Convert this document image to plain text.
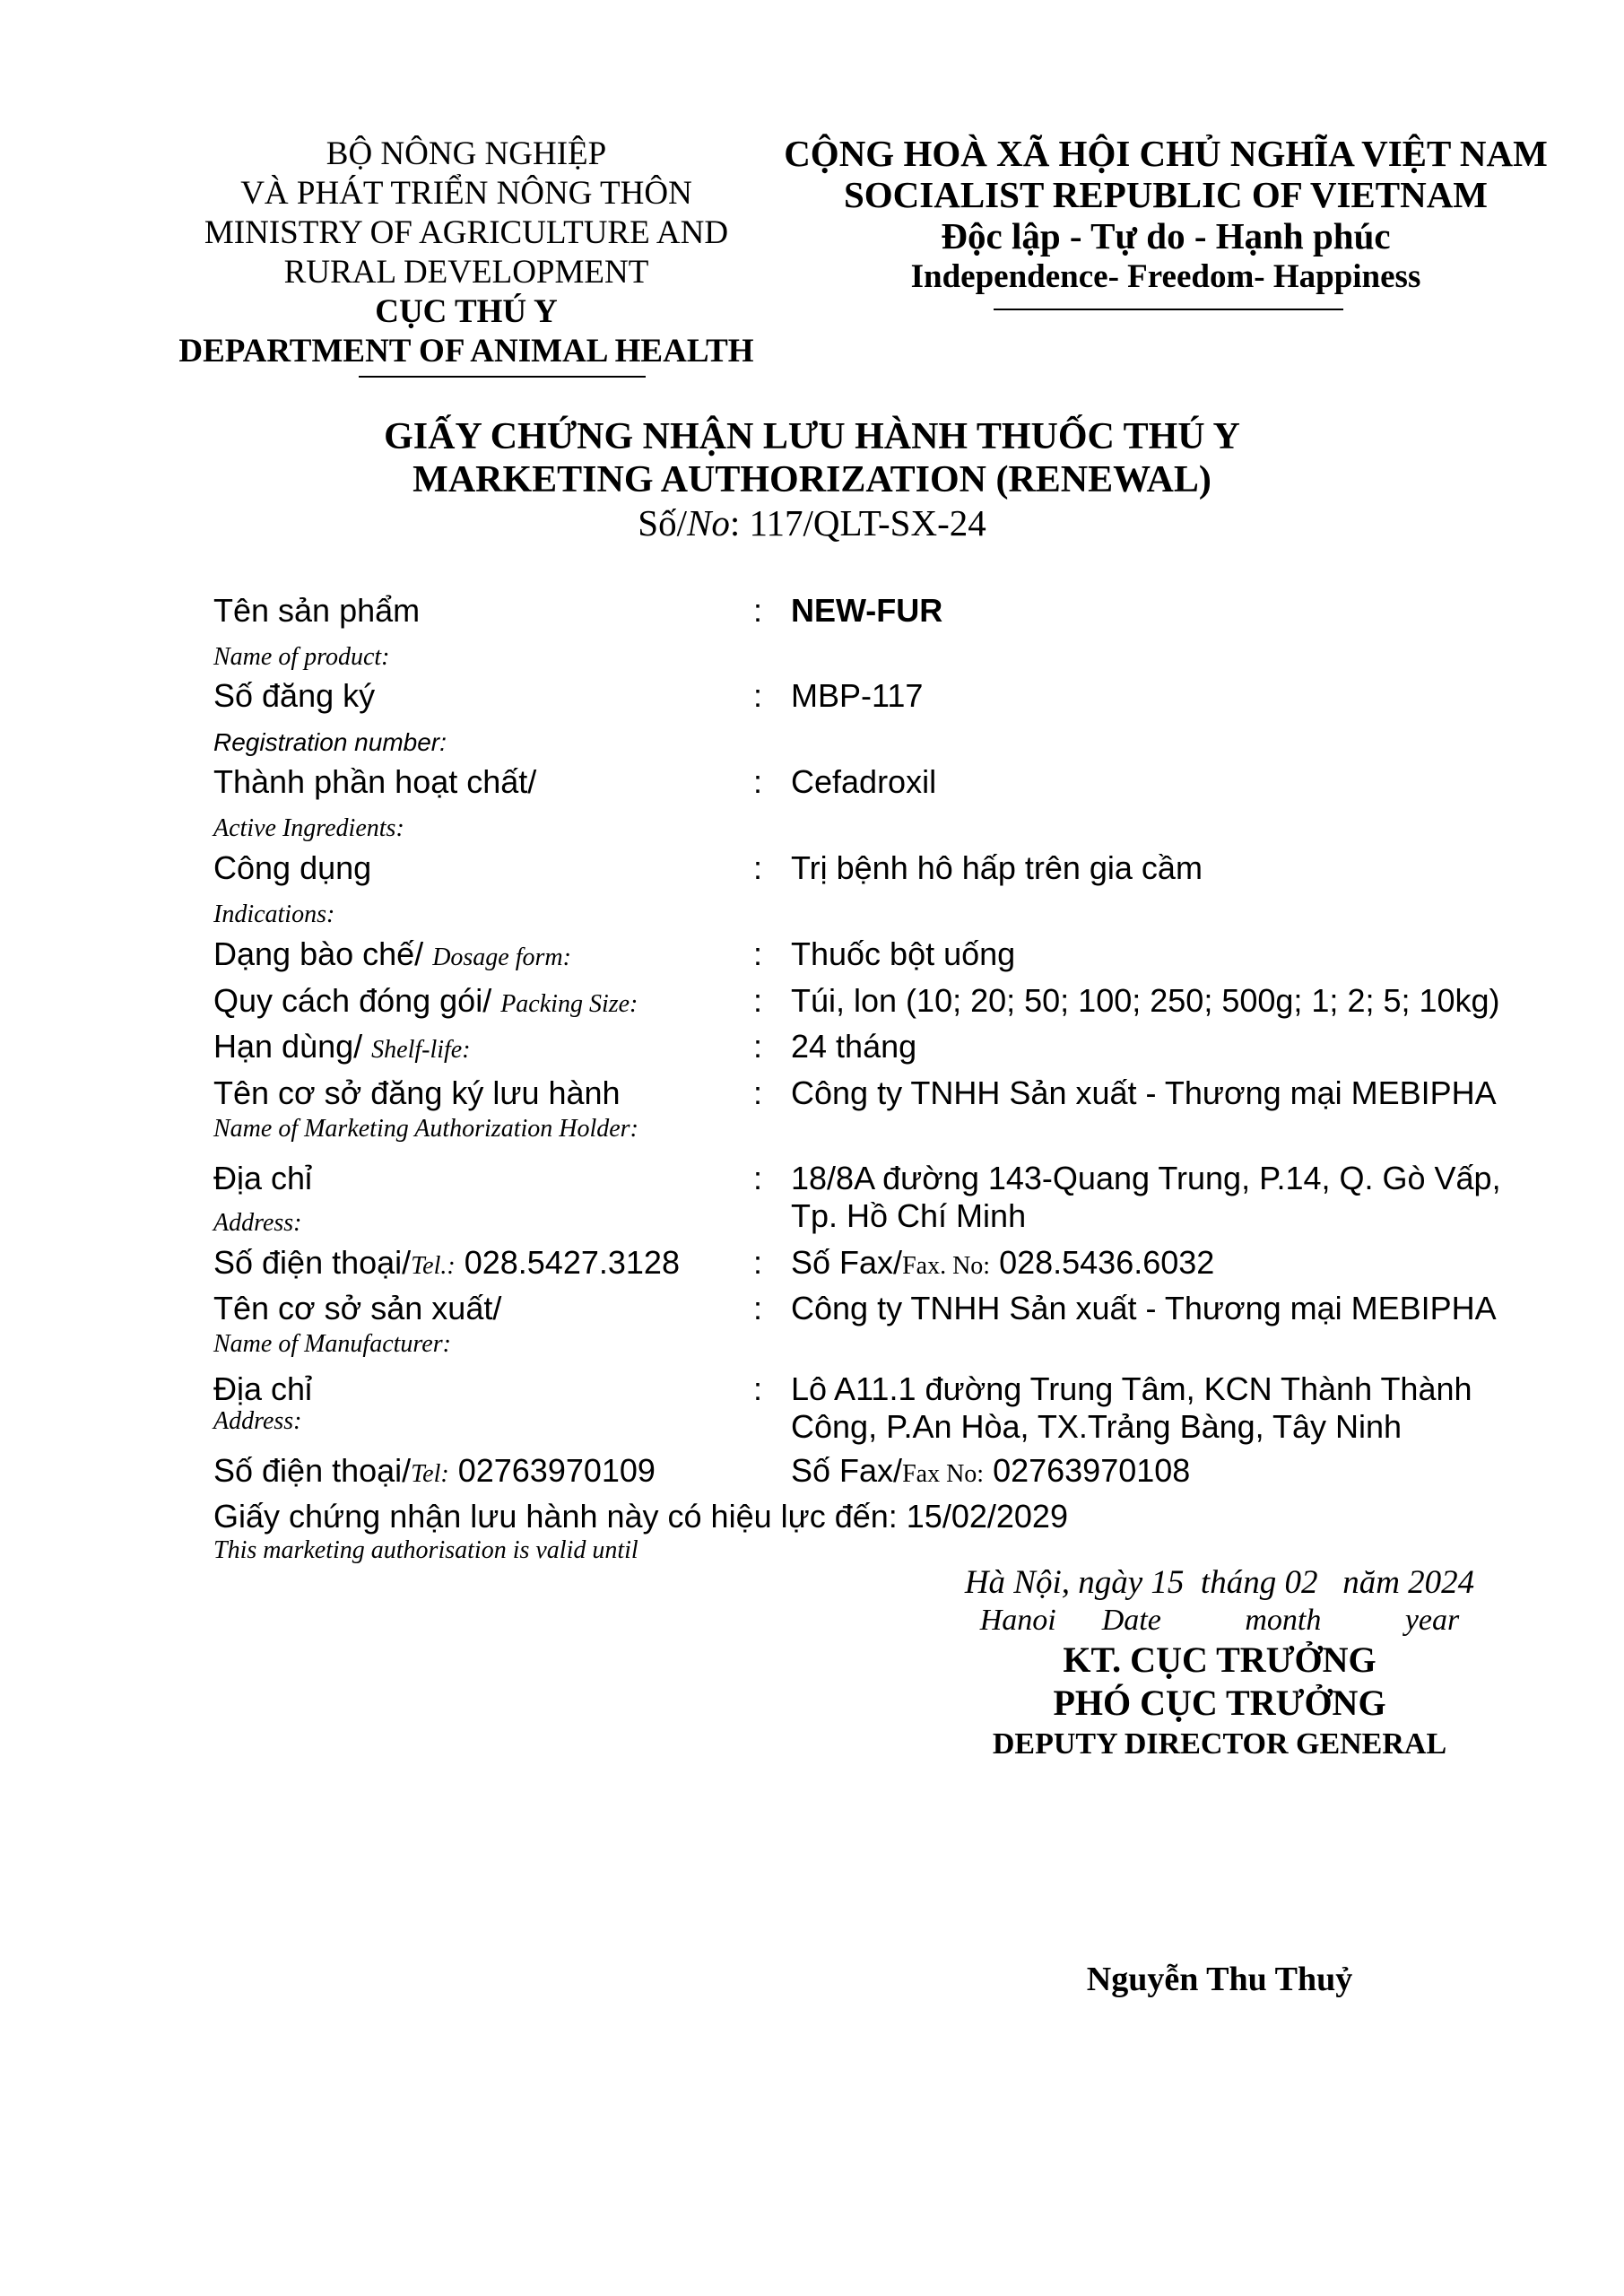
BỘ NÔNG NGHIỆP
VÀ PHÁT TRIỂN NÔNG THÔN
MINISTRY OF AGRICULTURE AND
RURAL DEVELOPMENT
CỤC THÚ Y
DEPARTMENT OF ANIMAL HEALTH
CỘNG HOÀ XÃ HỘI CHỦ NGHĨA VIỆT NAM
SOCIALIST REPUBLIC OF VIETNAM
Độc lập - Tự do - Hạnh phúc
Independence- Freedom- Happiness
GIẤY CHỨNG NHẬN LƯU HÀNH THUỐC THÚ Y
MARKETING AUTHORIZATION (RENEWAL)
Số/No: 117/QLT-SX-24
Tên sản phẩm	: NEW-FUR
Name of product:
Số đăng ký	: MBP-117
Registration number:
Thành phần hoạt chất/	: Cefadroxil
Active Ingredients:
Công dụng	: Trị bệnh hô hấp trên gia cầm
Indications:
Dạng bào chế/ Dosage form:	: Thuốc bột uống
Quy cách đóng gói/ Packing Size:	: Túi, lon (10; 20; 50; 100; 250; 500g; 1; 2; 5; 10kg)
Hạn dùng/ Shelf-life:	: 24 tháng
Tên cơ sở đăng ký lưu hành	: Công ty TNHH Sản xuất - Thương mại MEBIPHA
Name of Marketing Authorization Holder:
Địa chỉ	: 18/8A đường 143-Quang Trung, P.14, Q. Gò Vấp,
Tp. Hồ Chí Minh
Address:
Số điện thoại/Tel.: 028.5427.3128 : Số Fax/Fax. No: 028.5436.6032
Tên cơ sở sản xuất/	: Công ty TNHH Sản xuất - Thương mại MEBIPHA
Name of Manufacturer:
Địa chỉ	: Lô A11.1 đường Trung Tâm, KCN Thành Thành
Công, P.An Hòa, TX.Trảng Bàng, Tây Ninh
Address:
Số điện thoại/Tel: 02763970109	Số Fax/Fax No: 02763970108
Giấy chứng nhận lưu hành này có hiệu lực đến: 15/02/2029
This marketing authorisation is valid until
Hà Nội, ngày 15  tháng 02   năm 2024
Hanoi      Date           month           year
KT. CỤC TRƯỞNG
PHÓ CỤC TRƯỞNG
DEPUTY DIRECTOR GENERAL
Nguyễn Thu Thuỷ
